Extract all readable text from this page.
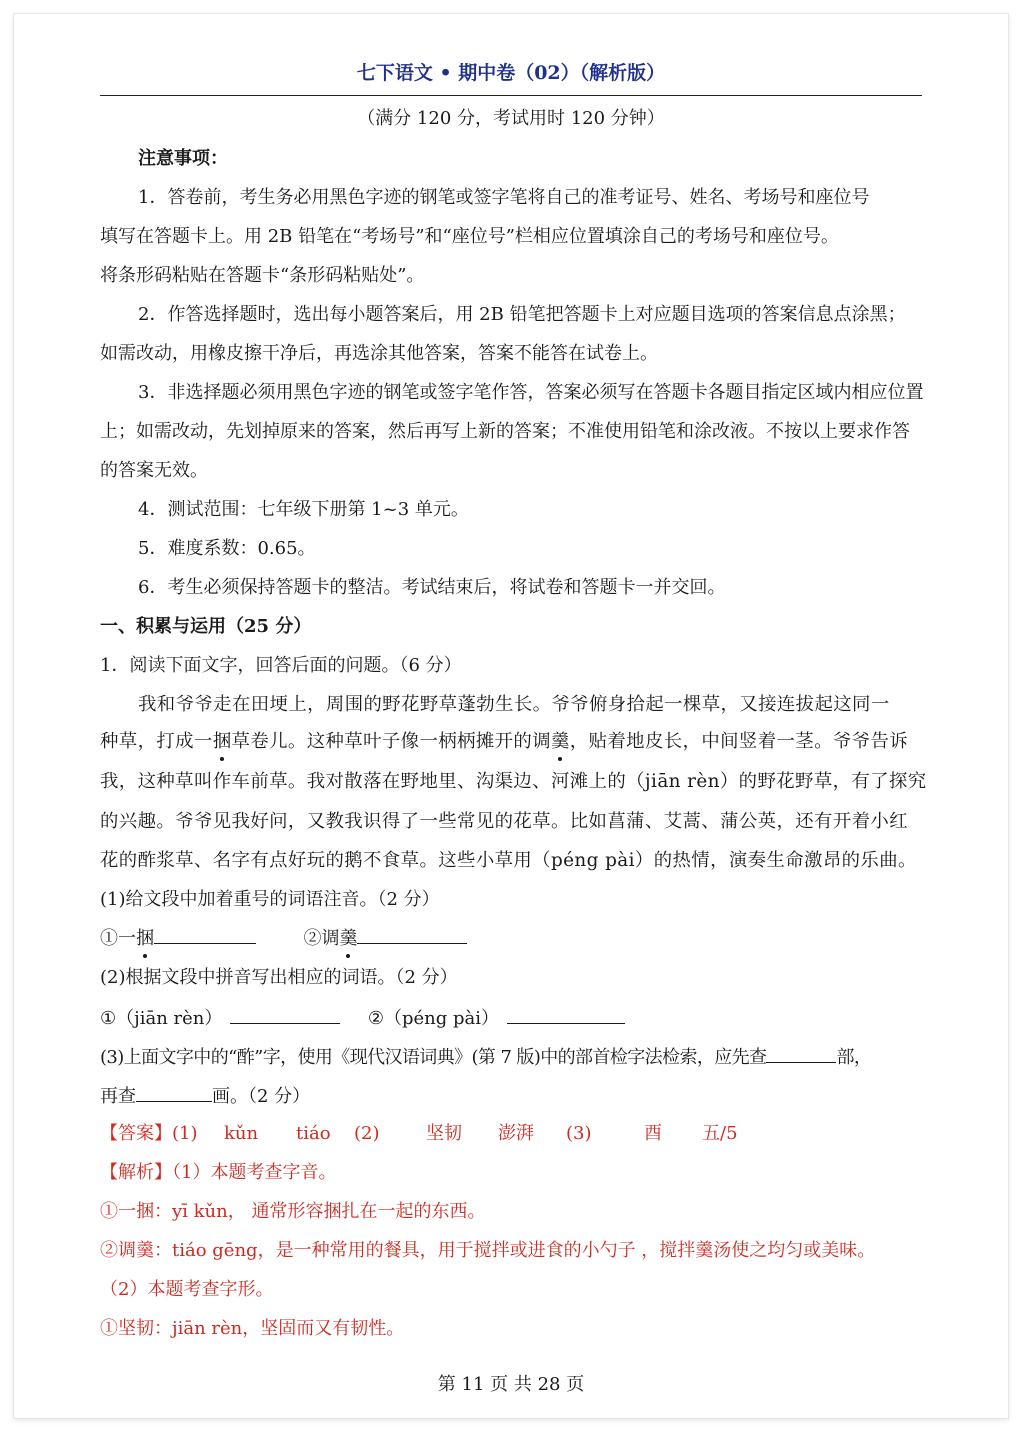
七下语文 • 期中卷（02）（解析版）
（满分 120 分，考试用时 120 分钟）
注意事项：
1．答卷前，考生务必用黑色字迹的钢笔或签字笔将自己的准考证号、姓名、考场号和座位号
填写在答题卡上。用 2B 铅笔在“考场号”和“座位号”栏相应位置填涂自己的考场号和座位号。
将条形码粘贴在答题卡“条形码粘贴处”。
2．作答选择题时，选出每小题答案后，用 2B 铅笔把答题卡上对应题目选项的答案信息点涂黑；
如需改动，用橡皮擦干净后，再选涂其他答案，答案不能答在试卷上。
3．非选择题必须用黑色字迹的钢笔或签字笔作答，答案必须写在答题卡各题目指定区域内相应位置
上；如需改动，先划掉原来的答案，然后再写上新的答案；不准使用铅笔和涂改液。不按以上要求作答
的答案无效。
4．测试范围：七年级下册第 1~3 单元。
5．难度系数：0.65。
6．考生必须保持答题卡的整洁。考试结束后，将试卷和答题卡一并交回。
一、积累与运用（25 分）
1．阅读下面文字，回答后面的问题。（6 分）
我和爷爷走在田埂上，周围的野花野草蓬勃生长。爷爷俯身拾起一棵草，又接连拔起这同一
种草，打成一捆草卷儿。这种草叶子像一柄柄摊开的调羹，贴着地皮长，中间竖着一茎。爷爷告诉
我，这种草叫作车前草。我对散落在野地里、沟渠边、河滩上的（jiān rèn）的野花野草，有了探究
的兴趣。爷爷见我好问，又教我识得了一些常见的花草。比如菖蒲、艾蒿、蒲公英，还有开着小红
花的酢浆草、名字有点好玩的鹅不食草。这些小草用（péng pài）的热情，演奏生命激昂的乐曲。
(1)给文段中加着重号的词语注音。（2 分）
①一捆	②调羹
(2)根据文段中拼音写出相应的词语。（2 分）
①（jiān rèn）	②（péng pài）
(3)上面文字中的“酢”字，使用《现代汉语词典》(第 7 版)中的部首检字法检索，应先查	部，
再查	画。（2 分）
【答案】(1) kǔn tiáo (2)	坚韧 澎湃 (3)	酉 五/5
【解析】（1）本题考查字音。
①一捆：yī kǔn， 通常形容捆扎在一起的东西。
②调羹：tiáo gēng，是一种常用的餐具，用于搅拌或进食的小勺子 ，搅拌羹汤使之均匀或美味。
（2）本题考查字形。
①坚韧：jiān rèn，坚固而又有韧性。
第 11 页 共 28 页
